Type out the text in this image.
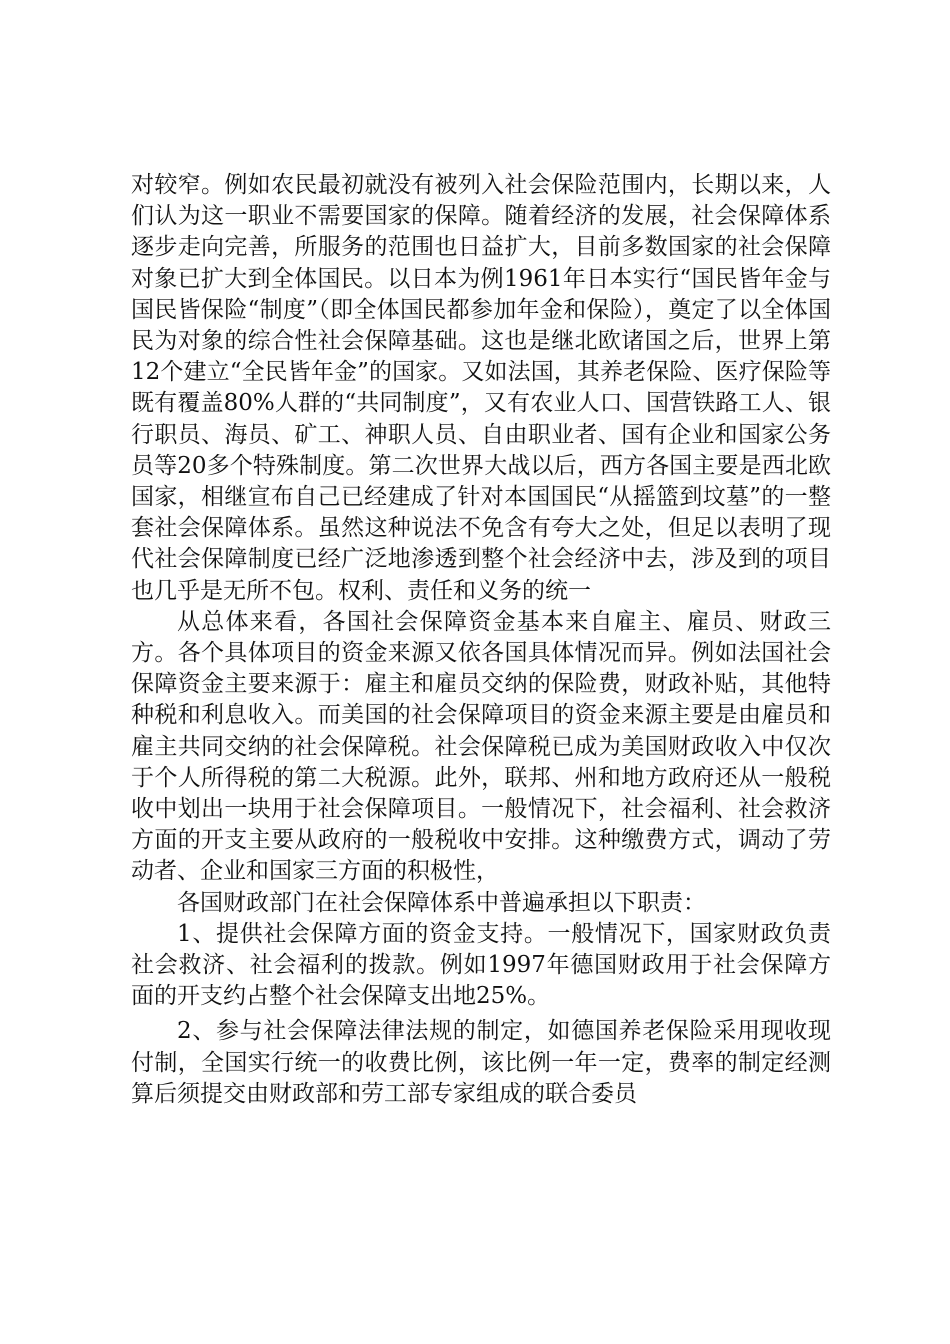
对较窄。例如农民最初就没有被列入社会保险范围内，长期以来，人们认为这一职业不需要国家的保障。随着经济的发展，社会保障体系逐步走向完善，所服务的范围也日益扩大，目前多数国家的社会保障对象已扩大到全体国民。以日本为例1961年日本实行“国民皆年金与国民皆保险“制度”（即全体国民都参加年金和保险），奠定了以全体国民为对象的综合性社会保障基础。这也是继北欧诸国之后，世界上第12个建立“全民皆年金”的国家。又如法国，其养老保险、医疗保险等既有覆盖80%人群的“共同制度”，又有农业人口、国营铁路工人、银行职员、海员、矿工、神职人员、自由职业者、国有企业和国家公务员等20多个特殊制度。第二次世界大战以后，西方各国主要是西北欧国家，相继宣布自己已经建成了针对本国国民“从摇篮到坟墓”的一整套社会保障体系。虽然这种说法不免含有夸大之处，但足以表明了现代社会保障制度已经广泛地渗透到整个社会经济中去，涉及到的项目也几乎是无所不包。权利、责任和义务的统一

从总体来看，各国社会保障资金基本来自雇主、雇员、财政三方。各个具体项目的资金来源又依各国具体情况而异。例如法国社会保障资金主要来源于：雇主和雇员交纳的保险费，财政补贴，其他特种税和利息收入。而美国的社会保障项目的资金来源主要是由雇员和雇主共同交纳的社会保障税。社会保障税已成为美国财政收入中仅次于个人所得税的第二大税源。此外，联邦、州和地方政府还从一般税收中划出一块用于社会保障项目。一般情况下，社会福利、社会救济方面的开支主要从政府的一般税收中安排。这种缴费方式，调动了劳动者、企业和国家三方面的积极性，

各国财政部门在社会保障体系中普遍承担以下职责：

1、提供社会保障方面的资金支持。一般情况下，国家财政负责社会救济、社会福利的拨款。例如1997年德国财政用于社会保障方面的开支约占整个社会保障支出地25%。

2、参与社会保障法律法规的制定，如德国养老保险采用现收现付制，全国实行统一的收费比例，该比例一年一定，费率的制定经测算后须提交由财政部和劳工部专家组成的联合委员
